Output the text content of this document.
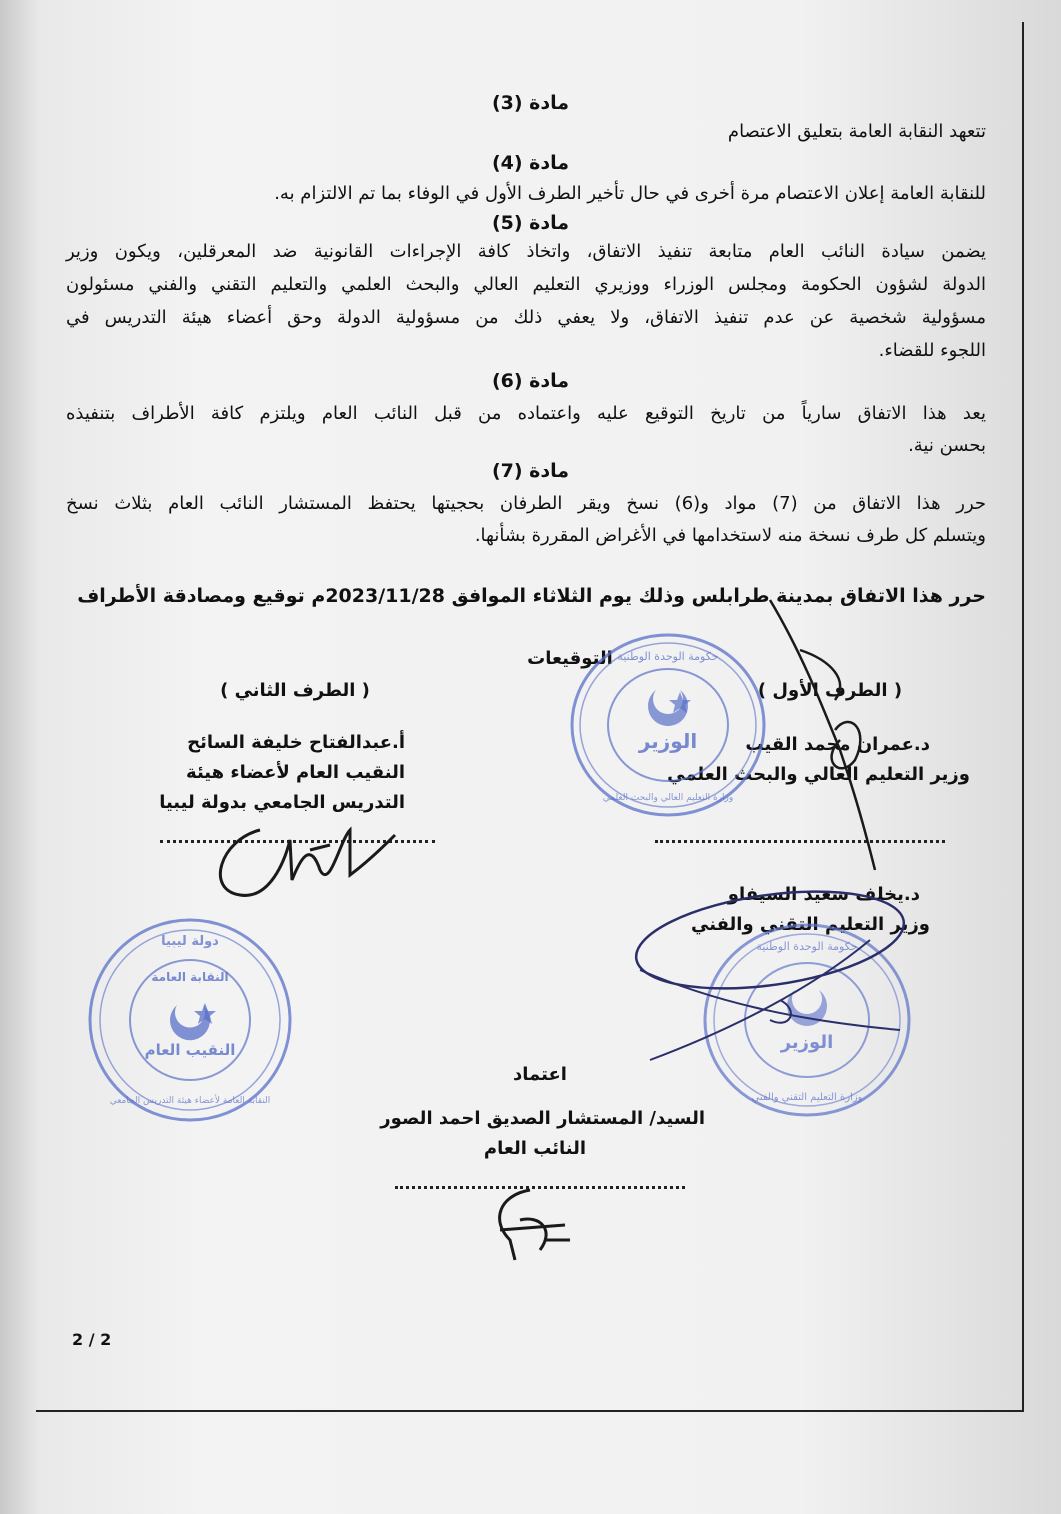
مادة (3)
تتعهد النقابة العامة بتعليق الاعتصام
مادة (4)
للنقابة العامة إعلان الاعتصام مرة أخرى في حال تأخير الطرف الأول في الوفاء بما تم الالتزام به.
مادة (5)
يضمن سيادة النائب العام متابعة تنفيذ الاتفاق، واتخاذ كافة الإجراءات القانونية ضد المعرقلين، ويكون وزير
الدولة لشؤون الحكومة ومجلس الوزراء ووزيري التعليم العالي والبحث العلمي والتعليم التقني والفني مسئولون
مسؤولية شخصية عن عدم تنفيذ الاتفاق، ولا يعفي ذلك من مسؤولية الدولة وحق أعضاء هيئة التدريس في
اللجوء للقضاء.
مادة (6)
يعد هذا الاتفاق سارياً من تاريخ التوقيع عليه واعتماده من قبل النائب العام ويلتزم كافة الأطراف بتنفيذه
بحسن نية.
مادة (7)
حرر هذا الاتفاق من (7) مواد و(6) نسخ ويقر الطرفان بحجيتها يحتفظ المستشار النائب العام بثلاث نسخ
ويتسلم كل طرف نسخة منه لاستخدامها في الأغراض المقررة بشأنها.
حرر هذا الاتفاق بمدينة طرابلس وذلك يوم الثلاثاء الموافق 2023/11/28م توقيع ومصادقة الأطراف
التوقيعات
( الطرف الأول )
د.عمران محمد القيب
وزير التعليم العالي والبحث العلمي
د.يخلف سعيد السيفاو
وزير التعليم التقني والفني
( الطرف الثاني )
أ.عبدالفتاح خليفة السائح
النقيب العام لأعضاء هيئة
التدريس الجامعي بدولة ليبيا
اعتماد
السيد/ المستشار الصديق احمد الصور
النائب العام
الوزير
حكومة الوحدة الوطنية
وزارة التعليم العالي والبحث العلمي
الوزير
حكومة الوحدة الوطنية
وزارة التعليم التقني والفني
النقابة العامة
النقيب العام
دولة ليبيا
النقابة العامة لأعضاء هيئة التدريس الجامعي
2 / 2
